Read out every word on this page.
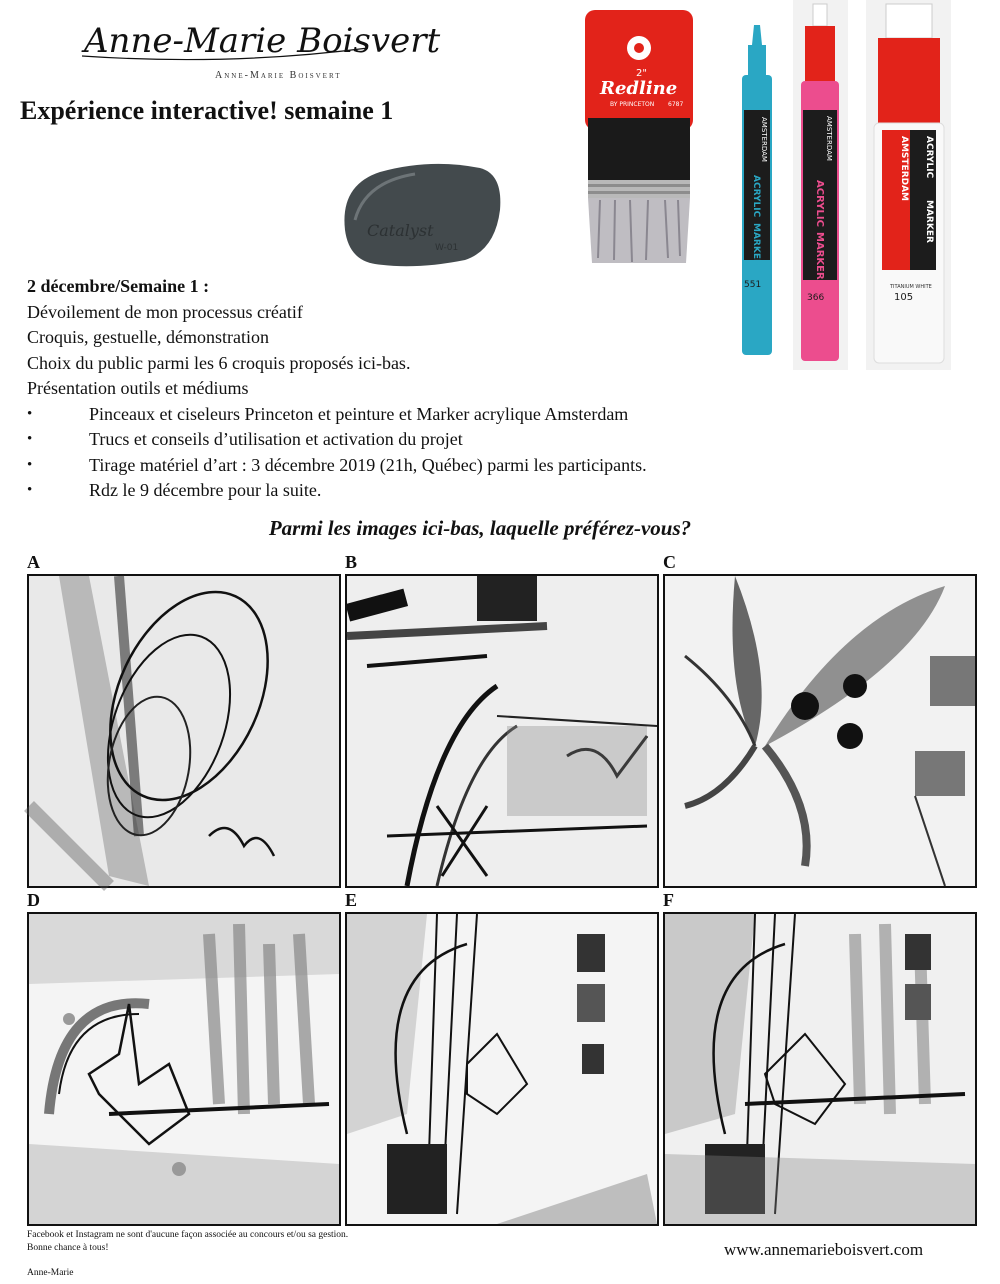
Anne-Marie Boisvert
Anne-Marie Boisvert
Expérience interactive! semaine 1
Catalyst
W-01
2"
Redline
BY PRINCETON 6787
AMSTERDAM
ACRYLIC
MARKER
551
AMSTERDAM
ACRYLIC
MARKER
366
AMSTERDAM ACRYLIC
MARKER
TITANIUM WHITE
105
2 décembre/Semaine 1 :
Dévoilement de mon processus créatif
Croquis, gestuelle, démonstration
Choix du public parmi les 6 croquis proposés ici-bas.
Présentation outils et médiums
• Pinceaux et ciseleurs Princeton et peinture et Marker acrylique Amsterdam
• Trucs et conseils d’utilisation et activation du projet
• Tirage matériel d’art : 3 décembre 2019 (21h, Québec) parmi les participants.
• Rdz le 9 décembre pour la suite.
Parmi les images ici-bas, laquelle préférez-vous?
A	B	C
D	E	F
Facebook et Instagram ne sont d'aucune façon associée au concours et/ou sa gestion.
Bonne chance à tous!
Anne-Marie
www.annemarieboisvert.com
